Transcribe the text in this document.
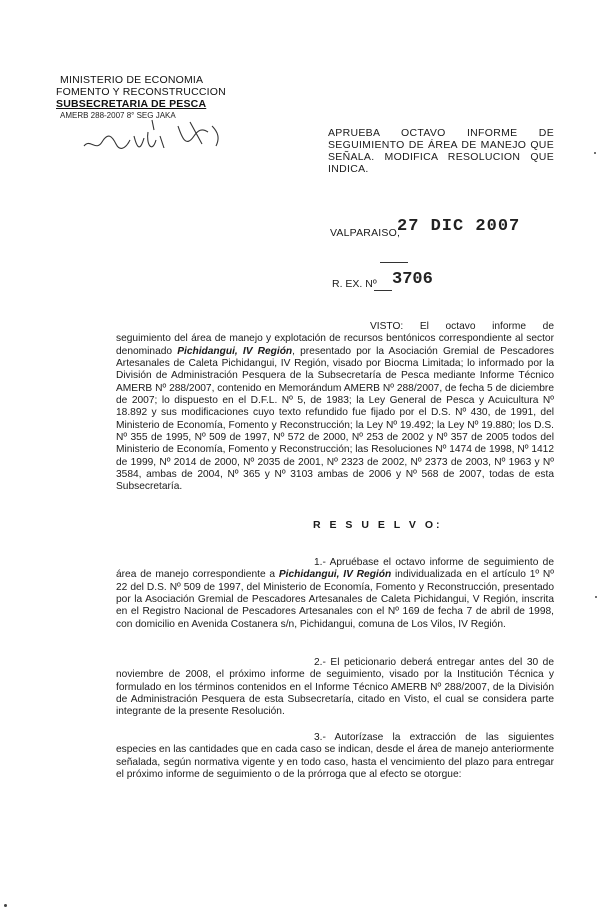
MINISTERIO DE ECONOMIA
FOMENTO Y RECONSTRUCCION
SUBSECRETARIA DE PESCA
AMERB 288-2007 8° SEG JAKA
APRUEBA OCTAVO INFORME DE SEGUIMIENTO DE ÁREA DE MANEJO QUE SEÑALA. MODIFICA RESOLUCION QUE INDICA.
VALPARAISO,
27 DIC 2007
R. EX. Nº 3706
VISTO: El octavo informe de seguimiento del área de manejo y explotación de recursos bentónicos correspondiente al sector denominado Pichidangui, IV Región, presentado por la Asociación Gremial de Pescadores Artesanales de Caleta Pichidangui, IV Región, visado por Biocma Limitada; lo informado por la División de Administración Pesquera de la Subsecretaría de Pesca mediante Informe Técnico AMERB Nº 288/2007, contenido en Memorándum AMERB Nº 288/2007, de fecha 5 de diciembre de 2007; lo dispuesto en el D.F.L. Nº 5, de 1983; la Ley General de Pesca y Acuicultura Nº 18.892 y sus modificaciones cuyo texto refundido fue fijado por el D.S. Nº 430, de 1991, del Ministerio de Economía, Fomento y Reconstrucción; la Ley Nº 19.492; la Ley Nº 19.880; los D.S. Nº 355 de 1995, Nº 509 de 1997, Nº 572 de 2000, Nº 253 de 2002 y Nº 357 de 2005 todos del Ministerio de Economía, Fomento y Reconstrucción; las Resoluciones Nº 1474 de 1998, Nº 1412 de 1999, Nº 2014 de 2000, Nº 2035 de 2001, Nº 2323 de 2002, Nº 2373 de 2003, Nº 1963 y Nº 3584, ambas de 2004, Nº 365 y Nº 3103 ambas de 2006 y Nº 568 de 2007, todas de esta Subsecretaría.
R E S U E L V O:
1.- Apruébase el octavo informe de seguimiento de área de manejo correspondiente a Pichidangui, IV Región individualizada en el artículo 1º Nº 22 del D.S. Nº 509 de 1997, del Ministerio de Economía, Fomento y Reconstrucción, presentado por la Asociación Gremial de Pescadores Artesanales de Caleta Pichidangui, V Región, inscrita en el Registro Nacional de Pescadores Artesanales con el Nº 169 de fecha 7 de abril de 1998, con domicilio en Avenida Costanera s/n, Pichidangui, comuna de Los Vilos, IV Región.
2.- El peticionario deberá entregar antes del 30 de noviembre de 2008, el próximo informe de seguimiento, visado por la Institución Técnica y formulado en los términos contenidos en el Informe Técnico AMERB Nº 288/2007, de la División de Administración Pesquera de esta Subsecretaría, citado en Visto, el cual se considera parte integrante de la presente Resolución.
3.- Autorízase la extracción de las siguientes especies en las cantidades que en cada caso se indican, desde el área de manejo anteriormente señalada, según normativa vigente y en todo caso, hasta el vencimiento del plazo para entregar el próximo informe de seguimiento o de la prórroga que al efecto se otorgue:
